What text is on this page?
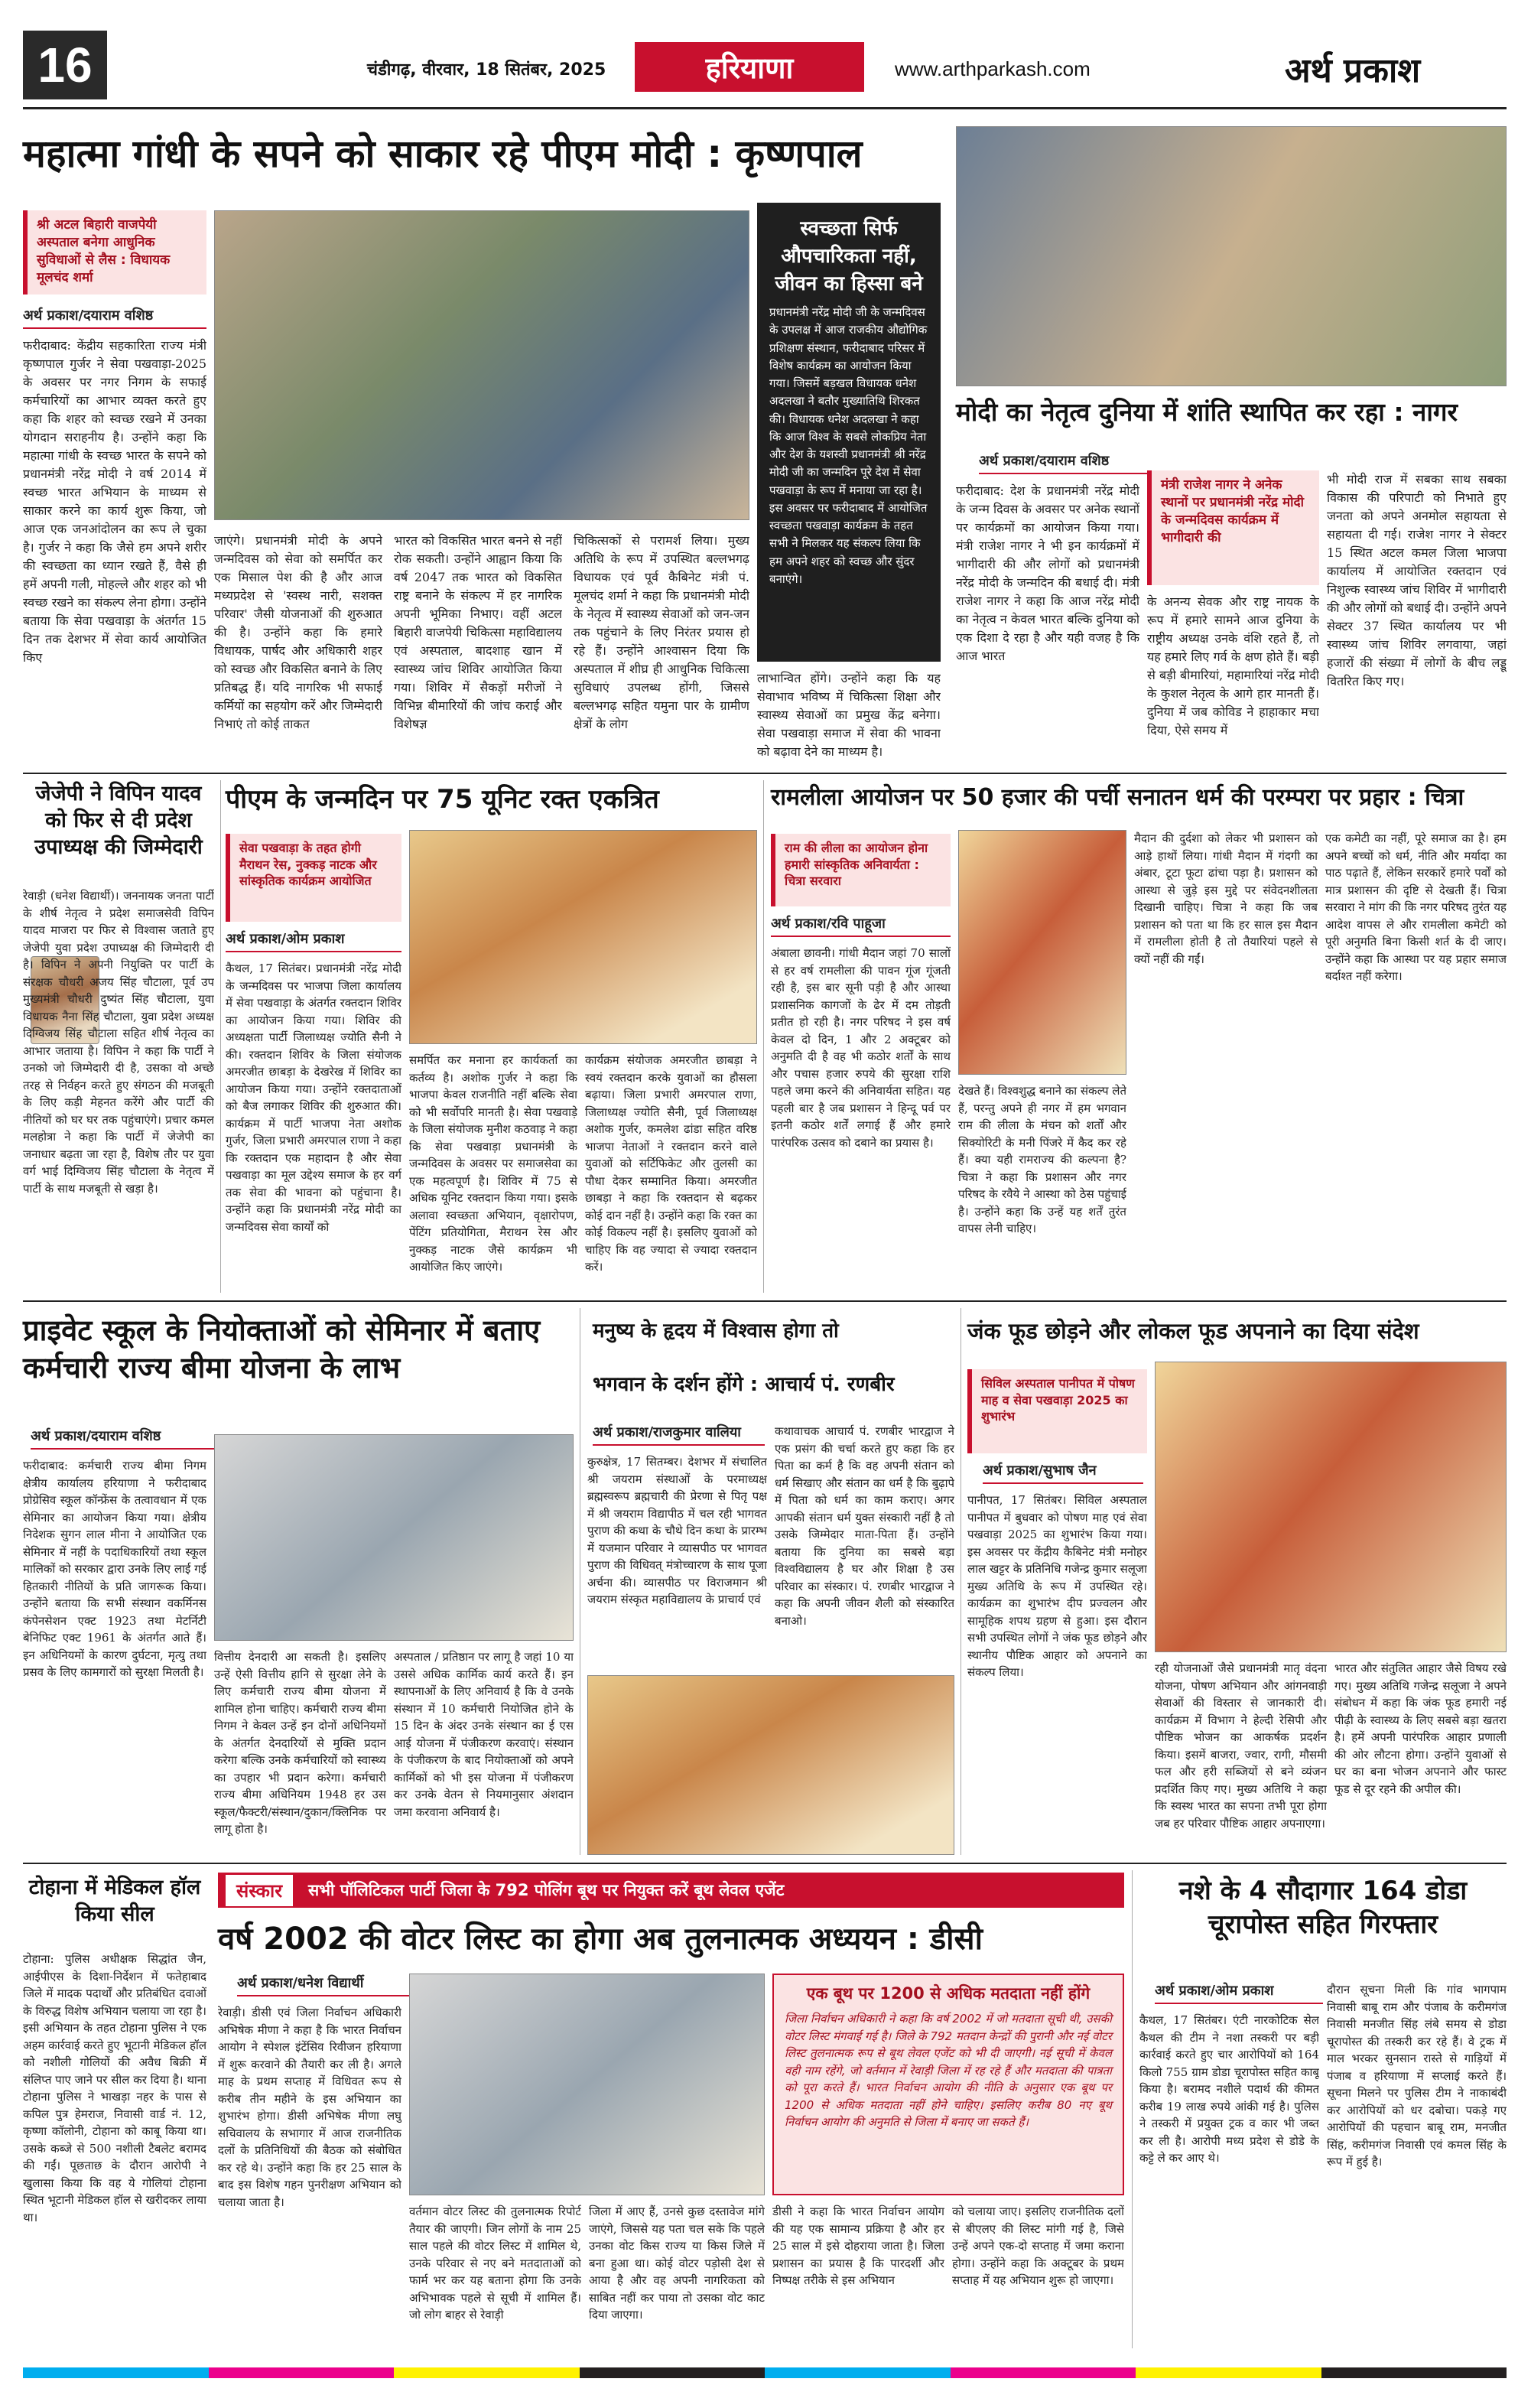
16	चंडीगढ़, वीरवार, 18 सितंबर, 2025	हरियाणा	www.arthparkash.com	अर्थ प्रकाश
महात्मा गांधी के सपने को साकार रहे पीएम मोदी : कृष्णपाल
श्री अटल बिहारी वाजपेयी अस्पताल बनेगा आधुनिक सुविधाओं से लैस : विधायक मूलचंद शर्मा
अर्थ प्रकाश/दयाराम वशिष्ठ
फरीदाबाद: केंद्रीय सहकारिता राज्य मंत्री कृष्णपाल गुर्जर ने सेवा पखवाड़ा-2025 के अवसर पर नगर निगम के सफाई कर्मचारियों का आभार व्यक्त करते हुए कहा कि शहर को स्वच्छ रखने में उनका योगदान सराहनीय है। उन्होंने कहा कि महात्मा गांधी के स्वच्छ भारत के सपने को प्रधानमंत्री नरेंद्र मोदी ने वर्ष 2014 में स्वच्छ भारत अभियान के माध्यम से साकार करने का कार्य शुरू किया, जो आज एक जनआंदोलन का रूप ले चुका है। गुर्जर ने कहा कि जैसे हम अपने शरीर की स्वच्छता का ध्यान रखते हैं, वैसे ही हमें अपनी गली, मोहल्ले और शहर को भी स्वच्छ रखने का संकल्प लेना होगा। उन्होंने बताया कि सेवा पखवाड़ा के अंतर्गत 15 दिन तक देशभर में सेवा कार्य आयोजित किए
जाएंगे। प्रधानमंत्री मोदी के अपने जन्मदिवस को सेवा को समर्पित कर एक मिसाल पेश की है और आज मध्यप्रदेश से 'स्वस्थ नारी, सशक्त परिवार' जैसी योजनाओं की शुरुआत की है। उन्होंने कहा कि हमारे विधायक, पार्षद और अधिकारी शहर को स्वच्छ और विकसित बनाने के लिए प्रतिबद्ध हैं। यदि नागरिक भी सफाई कर्मियों का सहयोग करें और जिम्मेदारी निभाएं तो कोई ताकत
भारत को विकसित भारत बनने से नहीं रोक सकती। उन्होंने आह्वान किया कि वर्ष 2047 तक भारत को विकसित राष्ट्र बनाने के संकल्प में हर नागरिक अपनी भूमिका निभाए। वहीं अटल बिहारी वाजपेयी चिकित्सा महाविद्यालय एवं अस्पताल, बादशाह खान में स्वास्थ्य जांच शिविर आयोजित किया गया। शिविर में सैकड़ों मरीजों ने विभिन्न बीमारियों की जांच कराई और विशेषज्ञ
चिकित्सकों से परामर्श लिया। मुख्य अतिथि के रूप में उपस्थित बल्लभगढ़ विधायक एवं पूर्व कैबिनेट मंत्री पं. मूलचंद शर्मा ने कहा कि प्रधानमंत्री मोदी के नेतृत्व में स्वास्थ्य सेवाओं को जन-जन तक पहुंचाने के लिए निरंतर प्रयास हो रहे हैं। उन्होंने आश्वासन दिया कि अस्पताल में शीघ्र ही आधुनिक चिकित्सा सुविधाएं उपलब्ध होंगी, जिससे बल्लभगढ़ सहित यमुना पार के ग्रामीण क्षेत्रों के लोग
स्वच्छता सिर्फ औपचारिकता नहीं, जीवन का हिस्सा बने
प्रधानमंत्री नरेंद्र मोदी जी के जन्मदिवस के उपलक्ष में आज राजकीय औद्योगिक प्रशिक्षण संस्थान, फरीदाबाद परिसर में विशेष कार्यक्रम का आयोजन किया गया। जिसमें बड़खल विधायक धनेश अदलखा ने बतौर मुख्यातिथि शिरकत की। विधायक धनेश अदलखा ने कहा कि आज विश्व के सबसे लोकप्रिय नेता और देश के यशस्वी प्रधानमंत्री श्री नरेंद्र मोदी जी का जन्मदिन पूरे देश में सेवा पखवाड़ा के रूप में मनाया जा रहा है। इस अवसर पर फरीदाबाद में आयोजित स्वच्छता पखवाड़ा कार्यक्रम के तहत सभी ने मिलकर यह संकल्प लिया कि हम अपने शहर को स्वच्छ और सुंदर बनाएंगे।
लाभान्वित होंगे। उन्होंने कहा कि यह सेवाभाव भविष्य में चिकित्सा शिक्षा और स्वास्थ्य सेवाओं का प्रमुख केंद्र बनेगा। सेवा पखवाड़ा समाज में सेवा की भावना को बढ़ावा देने का माध्यम है।
मोदी का नेतृत्व दुनिया में शांति स्थापित कर रहा : नागर
अर्थ प्रकाश/दयाराम वशिष्ठ
मंत्री राजेश नागर ने अनेक स्थानों पर प्रधानमंत्री नरेंद्र मोदी के जन्मदिवस कार्यक्रम में भागीदारी की
फरीदाबाद: देश के प्रधानमंत्री नरेंद्र मोदी के जन्म दिवस के अवसर पर अनेक स्थानों पर कार्यक्रमों का आयोजन किया गया। मंत्री राजेश नागर ने भी इन कार्यक्रमों में भागीदारी की और लोगों को प्रधानमंत्री नरेंद्र मोदी के जन्मदिन की बधाई दी। मंत्री राजेश नागर ने कहा कि आज नरेंद्र मोदी का नेतृत्व न केवल भारत बल्कि दुनिया को एक दिशा दे रहा है और यही वजह है कि आज भारत
के अनन्य सेवक और राष्ट्र नायक के रूप में हमारे सामने आज दुनिया के राष्ट्रीय अध्यक्ष उनके वंशि रहते हैं, तो यह हमारे लिए गर्व के क्षण होते हैं। बड़ी से बड़ी बीमारियां, महामारियां नरेंद्र मोदी के कुशल नेतृत्व के आगे हार मानती हैं। दुनिया में जब कोविड ने हाहाकार मचा दिया, ऐसे समय में
भी मोदी राज में सबका साथ सबका विकास की परिपाटी को निभाते हुए जनता को अपने अनमोल सहायता से सहायता दी गई। राजेश नागर ने सेक्टर 15 स्थित अटल कमल जिला भाजपा कार्यालय में आयोजित रक्तदान एवं निशुल्क स्वास्थ्य जांच शिविर में भागीदारी की और लोगों को बधाई दी। उन्होंने अपने सेक्टर 37 स्थित कार्यालय पर भी स्वास्थ्य जांच शिविर लगवाया, जहां हजारों की संख्या में लोगों के बीच लड्डू वितरित किए गए।
जेजेपी ने विपिन यादव को फिर से दी प्रदेश उपाध्यक्ष की जिम्मेदारी
रेवाड़ी (धनेश विद्यार्थी)। जननायक जनता पार्टी के शीर्ष नेतृत्व ने प्रदेश समाजसेवी विपिन यादव माजरा पर फिर से विश्वास जताते हुए जेजेपी युवा प्रदेश उपाध्यक्ष की जिम्मेदारी दी है। विपिन ने अपनी नियुक्ति पर पार्टी के संरक्षक चौधरी अजय सिंह चौटाला, पूर्व उप मुख्यमंत्री चौधरी दुष्यंत सिंह चौटाला, युवा विधायक नैना सिंह चौटाला, युवा प्रदेश अध्यक्ष दिग्विजय सिंह चौटाला सहित शीर्ष नेतृत्व का आभार जताया है। विपिन ने कहा कि पार्टी ने उनको जो जिम्मेदारी दी है, उसका वो अच्छे तरह से निर्वहन करते हुए संगठन की मजबूती के लिए कड़ी मेहनत करेंगे और पार्टी की नीतियों को घर घर तक पहुंचाएंगे। प्रचार कमल मलहोत्रा ने कहा कि पार्टी में जेजेपी का जनाधार बढ़ता जा रहा है, विशेष तौर पर युवा वर्ग भाई दिग्विजय सिंह चौटाला के नेतृत्व में पार्टी के साथ मजबूती से खड़ा है।
पीएम के जन्मदिन पर 75 यूनिट रक्त एकत्रित
सेवा पखवाड़ा के तहत होगी मैराथन रेस, नुक्कड़ नाटक और सांस्कृतिक कार्यक्रम आयोजित
अर्थ प्रकाश/ओम प्रकाश
कैथल, 17 सितंबर। प्रधानमंत्री नरेंद्र मोदी के जन्मदिवस पर भाजपा जिला कार्यालय में सेवा पखवाड़ा के अंतर्गत रक्तदान शिविर का आयोजन किया गया। शिविर की अध्यक्षता पार्टी जिलाध्यक्ष ज्योति सैनी ने की। रक्तदान शिविर के जिला संयोजक अमरजीत छाबड़ा के देखरेख में शिविर का आयोजन किया गया। उन्होंने रक्तदाताओं को बैज लगाकर शिविर की शुरुआत की। कार्यक्रम में पार्टी भाजपा नेता अशोक गुर्जर, जिला प्रभारी अमरपाल राणा ने कहा कि रक्तदान एक महादान है और सेवा पखवाड़ा का मूल उद्देश्य समाज के हर वर्ग तक सेवा की भावना को पहुंचाना है। उन्होंने कहा कि प्रधानमंत्री नरेंद्र मोदी का जन्मदिवस सेवा कार्यों को
समर्पित कर मनाना हर कार्यकर्ता का कर्तव्य है। अशोक गुर्जर ने कहा कि भाजपा केवल राजनीति नहीं बल्कि सेवा को भी सर्वोपरि मानती है। सेवा पखवाड़े के जिला संयोजक मुनीश कठवाड़ ने कहा कि सेवा पखवाड़ा प्रधानमंत्री के जन्मदिवस के अवसर पर समाजसेवा का एक महत्वपूर्ण है। शिविर में 75 से अधिक यूनिट रक्तदान किया गया। इसके अलावा स्वच्छता अभियान, वृक्षारोपण, पेंटिंग प्रतियोगिता, मैराथन रेस और नुक्कड़ नाटक जैसे कार्यक्रम भी आयोजित किए जाएंगे।
कार्यक्रम संयोजक अमरजीत छाबड़ा ने स्वयं रक्तदान करके युवाओं का हौसला बढ़ाया। जिला प्रभारी अमरपाल राणा, जिलाध्यक्ष ज्योति सैनी, पूर्व जिलाध्यक्ष अशोक गुर्जर, कमलेश ढांडा सहित वरिष्ठ भाजपा नेताओं ने रक्तदान करने वाले युवाओं को सर्टिफिकेट और तुलसी का पौधा देकर सम्मानित किया। अमरजीत छाबड़ा ने कहा कि रक्तदान से बढ़कर कोई दान नहीं है। उन्होंने कहा कि रक्त का कोई विकल्प नहीं है। इसलिए युवाओं को चाहिए कि वह ज्यादा से ज्यादा रक्तदान करें।
रामलीला आयोजन पर 50 हजार की पर्ची सनातन धर्म की परम्परा पर प्रहार : चित्रा
राम की लीला का आयोजन होना हमारी सांस्कृतिक अनिवार्यता : चित्रा सरवारा
अर्थ प्रकाश/रवि पाहूजा
अंबाला छावनी। गांधी मैदान जहां 70 सालों से हर वर्ष रामलीला की पावन गूंज गूंजती रही है, इस बार सूनी पड़ी है और आस्था प्रशासनिक कागजों के ढेर में दम तोड़ती प्रतीत हो रही है। नगर परिषद ने इस वर्ष केवल दो दिन, 1 और 2 अक्टूबर को अनुमति दी है वह भी कठोर शर्तों के साथ और पचास हजार रुपये की सुरक्षा राशि पहले जमा करने की अनिवार्यता सहित। यह पहली बार है जब प्रशासन ने हिन्दू पर्व पर इतनी कठोर शर्तें लगाई हैं और हमारे पारंपरिक उत्सव को दबाने का प्रयास है।
देखते हैं। विश्वशुद्ध बनाने का संकल्प लेते हैं, परन्तु अपने ही नगर में हम भगवान राम की लीला के मंचन को शर्तों और सिक्योरिटी के मनी पिंजरे में कैद कर रहे हैं। क्या यही रामराज्य की कल्पना है? चित्रा ने कहा कि प्रशासन और नगर परिषद के रवैये ने आस्था को ठेस पहुंचाई है। उन्होंने कहा कि उन्हें यह शर्तें तुरंत वापस लेनी चाहिए।
मैदान की दुर्दशा को लेकर भी प्रशासन को आड़े हाथों लिया। गांधी मैदान में गंदगी का अंबार, टूटा फूटा ढांचा पड़ा है। प्रशासन को आस्था से जुड़े इस मुद्दे पर संवेदनशीलता दिखानी चाहिए। चित्रा ने कहा कि जब प्रशासन को पता था कि हर साल इस मैदान में रामलीला होती है तो तैयारियां पहले से क्यों नहीं की गईं।
एक कमेटी का नहीं, पूरे समाज का है। हम अपने बच्चों को धर्म, नीति और मर्यादा का पाठ पढ़ाते हैं, लेकिन सरकारें हमारे पर्वों को मात्र प्रशासन की दृष्टि से देखती हैं। चित्रा सरवारा ने मांग की कि नगर परिषद तुरंत यह आदेश वापस ले और रामलीला कमेटी को पूरी अनुमति बिना किसी शर्त के दी जाए। उन्होंने कहा कि आस्था पर यह प्रहार समाज बर्दाश्त नहीं करेगा।
प्राइवेट स्कूल के नियोक्ताओं को सेमिनार में बताए कर्मचारी राज्य बीमा योजना के लाभ
अर्थ प्रकाश/दयाराम वशिष्ठ
फरीदाबाद: कर्मचारी राज्य बीमा निगम क्षेत्रीय कार्यालय हरियाणा ने फरीदाबाद प्रोग्रेसिव स्कूल कॉन्फ्रेंस के तत्वावधान में एक सेमिनार का आयोजन किया गया। क्षेत्रीय निदेशक सुगन लाल मीना ने आयोजित एक सेमिनार में नहीं के पदाधिकारियों तथा स्कूल मालिकों को सरकार द्वारा उनके लिए लाई गई हितकारी नीतियों के प्रति जागरूक किया। उन्होंने बताया कि सभी संस्थान वकर्मिनस कंपेनसेशन एक्ट 1923 तथा मेटर्निटी बेनिफिट एक्ट 1961 के अंतर्गत आते हैं। इन अधिनियमों के कारण दुर्घटना, मृत्यु तथा प्रसव के लिए कामगारों को सुरक्षा मिलती है।
वित्तीय देनदारी आ सकती है। इसलिए उन्हें ऐसी वित्तीय हानि से सुरक्षा लेने के लिए कर्मचारी राज्य बीमा योजना में शामिल होना चाहिए। कर्मचारी राज्य बीमा निगम ने केवल उन्हें इन दोनों अधिनियमों के अंतर्गत देनदारियों से मुक्ति प्रदान करेगा बल्कि उनके कर्मचारियों को स्वास्थ्य का उपहार भी प्रदान करेगा। कर्मचारी राज्य बीमा अधिनियम 1948 हर उस स्कूल/फैक्टरी/संस्थान/दुकान/क्लिनिक पर लागू होता है।
अस्पताल / प्रतिष्ठान पर लागू है जहां 10 या उससे अधिक कार्मिक कार्य करते हैं। इन स्थापनाओं के लिए अनिवार्य है कि वे उनके संस्थान में 10 कर्मचारी नियोजित होने के 15 दिन के अंदर उनके संस्थान का ई एस आई योजना में पंजीकरण करवाएं। संस्थान के पंजीकरण के बाद नियोक्ताओं को अपने कार्मिकों को भी इस योजना में पंजीकरण कर उनके वेतन से नियमानुसार अंशदान जमा करवाना अनिवार्य है।
मनुष्य के हृदय में विश्वास होगा तो
भगवान के दर्शन होंगे : आचार्य पं. रणबीर
अर्थ प्रकाश/राजकुमार वालिया
कुरुक्षेत्र, 17 सितम्बर। देशभर में संचालित श्री जयराम संस्थाओं के परमाध्यक्ष ब्रह्मस्वरूप ब्रह्मचारी की प्रेरणा से पितृ पक्ष में श्री जयराम विद्यापीठ में चल रही भागवत पुराण की कथा के चौथे दिन कथा के प्रारम्भ में यजमान परिवार ने व्यासपीठ पर भागवत पुराण की विधिवत् मंत्रोच्चारण के साथ पूजा अर्चना की। व्यासपीठ पर विराजमान श्री जयराम संस्कृत महाविद्यालय के प्राचार्य एवं
कथावाचक आचार्य पं. रणबीर भारद्वाज ने एक प्रसंग की चर्चा करते हुए कहा कि हर पिता का कर्म है कि वह अपनी संतान को धर्म सिखाए और संतान का धर्म है कि बुढ़ापे में पिता को धर्म का काम कराए। अगर आपकी संतान धर्म युक्त संस्कारी नहीं है तो उसके जिम्मेदार माता-पिता हैं। उन्होंने बताया कि दुनिया का सबसे बड़ा विश्वविद्यालय है घर और शिक्षा है उस परिवार का संस्कार। पं. रणबीर भारद्वाज ने कहा कि अपनी जीवन शैली को संस्कारित बनाओ।
जंक फूड छोड़ने और लोकल फूड अपनाने का दिया संदेश
सिविल अस्पताल पानीपत में पोषण माह व सेवा पखवाड़ा 2025 का शुभारंभ
अर्थ प्रकाश/सुभाष जैन
पानीपत, 17 सितंबर। सिविल अस्पताल पानीपत में बुधवार को पोषण माह एवं सेवा पखवाड़ा 2025 का शुभारंभ किया गया। इस अवसर पर केंद्रीय कैबिनेट मंत्री मनोहर लाल खट्टर के प्रतिनिधि गजेन्द्र कुमार सलूजा मुख्य अतिथि के रूप में उपस्थित रहे। कार्यक्रम का शुभारंभ दीप प्रज्वलन और सामूहिक शपथ ग्रहण से हुआ। इस दौरान सभी उपस्थित लोगों ने जंक फूड छोड़ने और स्थानीय पौष्टिक आहार को अपनाने का संकल्प लिया।	रही योजनाओं जैसे प्रधानमंत्री मातृ वंदना योजना, पोषण अभियान और आंगनवाड़ी सेवाओं की विस्तार से जानकारी दी। कार्यक्रम में विभाग ने हेल्दी रेसिपी और पौष्टिक भोजन का आकर्षक प्रदर्शन किया। इसमें बाजरा, ज्वार, रागी, मौसमी फल और हरी सब्जियों से बने व्यंजन प्रदर्शित किए गए। मुख्य अतिथि ने कहा कि स्वस्थ भारत का सपना तभी पूरा होगा जब हर परिवार पौष्टिक आहार अपनाएगा।
भारत और संतुलित आहार जैसे विषय रखे गए। मुख्य अतिथि गजेन्द्र सलूजा ने अपने संबोधन में कहा कि जंक फूड हमारी नई पीढ़ी के स्वास्थ्य के लिए सबसे बड़ा खतरा है। हमें अपनी पारंपरिक आहार प्रणाली की ओर लौटना होगा। उन्होंने युवाओं से घर का बना भोजन अपनाने और फास्ट फूड से दूर रहने की अपील की।
टोहाना में मेडिकल हॉल किया सील
टोहाना: पुलिस अधीक्षक सिद्धांत जैन, आईपीएस के दिशा-निर्देशन में फतेहाबाद जिले में मादक पदार्थों और प्रतिबंधित दवाओं के विरुद्ध विशेष अभियान चलाया जा रहा है। इसी अभियान के तहत टोहाना पुलिस ने एक अहम कार्रवाई करते हुए भूटानी मेडिकल हॉल को नशीली गोलियों की अवैध बिक्री में संलिप्त पाए जाने पर सील कर दिया है। थाना टोहाना पुलिस ने भाखड़ा नहर के पास से कपिल पुत्र हेमराज, निवासी वार्ड नं. 12, कृष्णा कॉलोनी, टोहाना को काबू किया था। उसके कब्जे से 500 नशीली टैबलेट बरामद की गईं। पूछताछ के दौरान आरोपी ने खुलासा किया कि वह ये गोलियां टोहाना स्थित भूटानी मेडिकल हॉल से खरीदकर लाया था।
संस्कार	सभी पॉलिटिकल पार्टी जिला के 792 पोलिंग बूथ पर नियुक्त करें बूथ लेवल एजेंट
वर्ष 2002 की वोटर लिस्ट का होगा अब तुलनात्मक अध्ययन : डीसी
अर्थ प्रकाश/धनेश विद्यार्थी
रेवाड़ी। डीसी एवं जिला निर्वाचन अधिकारी अभिषेक मीणा ने कहा है कि भारत निर्वाचन आयोग ने स्पेशल इंटेंसिव रिवीजन हरियाणा में शुरू करवाने की तैयारी कर ली है। अगले माह के प्रथम सप्ताह में विधिवत रूप से करीब तीन महीने के इस अभियान का शुभारंभ होगा। डीसी अभिषेक मीणा लघु सचिवालय के सभागार में आज राजनीतिक दलों के प्रतिनिधियों की बैठक को संबोधित कर रहे थे। उन्होंने कहा कि हर 25 साल के बाद इस विशेष गहन पुनरीक्षण अभियान को चलाया जाता है।
वर्तमान वोटर लिस्ट की तुलनात्मक रिपोर्ट तैयार की जाएगी। जिन लोगों के नाम 25 साल पहले की वोटर लिस्ट में शामिल थे, उनके परिवार से नए बने मतदाताओं को फार्म भर कर यह बताना होगा कि उनके अभिभावक पहले से सूची में शामिल हैं। जो लोग बाहर से रेवाड़ी
जिला में आए हैं, उनसे कुछ दस्तावेज मांगे जाएंगे, जिससे यह पता चल सके कि पहले उनका वोट किस राज्य या किस जिले में बना हुआ था। कोई वोटर पड़ोसी देश से आया है और वह अपनी नागरिकता को साबित नहीं कर पाया तो उसका वोट काट दिया जाएगा।
एक बूथ पर 1200 से अधिक मतदाता नहीं होंगे
जिला निर्वाचन अधिकारी ने कहा कि वर्ष 2002 में जो मतदाता सूची थी, उसकी वोटर लिस्ट मंगवाई गई है। जिले के 792 मतदान केन्द्रों की पुरानी और नई वोटर लिस्ट तुलनात्मक रूप से बूथ लेवल एजेंट को भी दी जाएगी। नई सूची में केवल वही नाम रहेंगे, जो वर्तमान में रेवाड़ी जिला में रह रहे हैं और मतदाता की पात्रता को पूरा करते हैं। भारत निर्वाचन आयोग की नीति के अनुसार एक बूथ पर 1200 से अधिक मतदाता नहीं होने चाहिए। इसलिए करीब 80 नए बूथ निर्वाचन आयोग की अनुमति से जिला में बनाए जा सकते हैं।
डीसी ने कहा कि भारत निर्वाचन आयोग की यह एक सामान्य प्रक्रिया है और हर 25 साल में इसे दोहराया जाता है। जिला प्रशासन का प्रयास है कि पारदर्शी और निष्पक्ष तरीके से इस अभियान
को चलाया जाए। इसलिए राजनीतिक दलों से बीएलए की लिस्ट मांगी गई है, जिसे उन्हें अपने एक-दो सप्ताह में जमा कराना होगा। उन्होंने कहा कि अक्टूबर के प्रथम सप्ताह में यह अभियान शुरू हो जाएगा।
नशे के 4 सौदागार 164 डोडा चूरापोस्त सहित गिरफ्तार
अर्थ प्रकाश/ओम प्रकाश
कैथल, 17 सितंबर। एंटी नारकोटिक सेल कैथल की टीम ने नशा तस्करी पर बड़ी कार्रवाई करते हुए चार आरोपियों को 164 किलो 755 ग्राम डोडा चूरापोस्त सहित काबू किया है। बरामद नशीले पदार्थ की कीमत करीब 19 लाख रुपये आंकी गई है। पुलिस ने तस्करी में प्रयुक्त ट्रक व कार भी जब्त कर ली है। आरोपी मध्य प्रदेश से डोडे के कट्टे ले कर आए थे।
दौरान सूचना मिली कि गांव भागपाम निवासी बाबू राम और पंजाब के करीमगंज निवासी मनजीत सिंह लंबे समय से डोडा चूरापोस्त की तस्करी कर रहे हैं। वे ट्रक में माल भरकर सुनसान रास्ते से गाड़ियों में पंजाब व हरियाणा में सप्लाई करते हैं। सूचना मिलने पर पुलिस टीम ने नाकाबंदी कर आरोपियों को धर दबोचा। पकड़े गए आरोपियों की पहचान बाबू राम, मनजीत सिंह, करीमगंज निवासी एवं कमल सिंह के रूप में हुई है।
